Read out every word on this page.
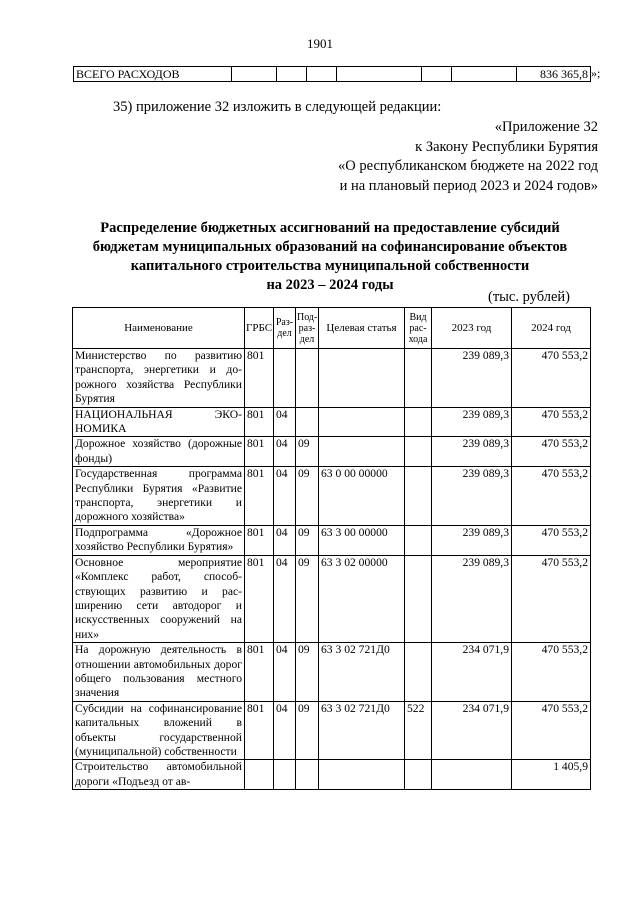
1901
ВСЕГО РАСХОДОВ							836 365,8 »;
35) приложение 32 изложить в следующей редакции:
«Приложение 32
к Закону Республики Бурятия
«О республиканском бюджете на 2022 год
и на плановый период 2023 и 2024 годов»
Распределение бюджетных ассигнований на предоставление субсидий
бюджетам муниципальных образований на софинансирование объектов
капитального строительства муниципальной собственности
на 2023 – 2024 годы
(тыс. рублей)
Наименование	ГРБС	Раз-дел	Под-раз-дел	Целевая статья	Вид рас-хода	2023 год	2024 год
Министерство по развитию транспорта, энергетики и дорожного хозяйства Республики Бурятия	801					239 089,3	470 553,2
НАЦИОНАЛЬНАЯ ЭКОНОМИКА	801	04				239 089,3	470 553,2
Дорожное хозяйство (дорожные фонды)	801	04	09			239 089,3	470 553,2
Государственная программа Республики Бурятия «Развитие транспорта, энергетики и дорожного хозяйства»	801	04	09	63 0 00 00000		239 089,3	470 553,2
Подпрограмма «Дорожное хозяйство Республики Бурятия»	801	04	09	63 3 00 00000		239 089,3	470 553,2
Основное мероприятие «Комплекс работ, способствующих развитию и расширению сети автодорог и искусственных сооружений на них»	801	04	09	63 3 02 00000		239 089,3	470 553,2
На дорожную деятельность в отношении автомобильных дорог общего пользования местного значения	801	04	09	63 3 02 721Д0		234 071,9	470 553,2
Субсидии на софинансирование капитальных вложений в объекты государственной (муниципальной) собственности	801	04	09	63 3 02 721Д0	522	234 071,9	470 553,2
Строительство автомобильной дороги «Подъезд от ав-							1 405,9
